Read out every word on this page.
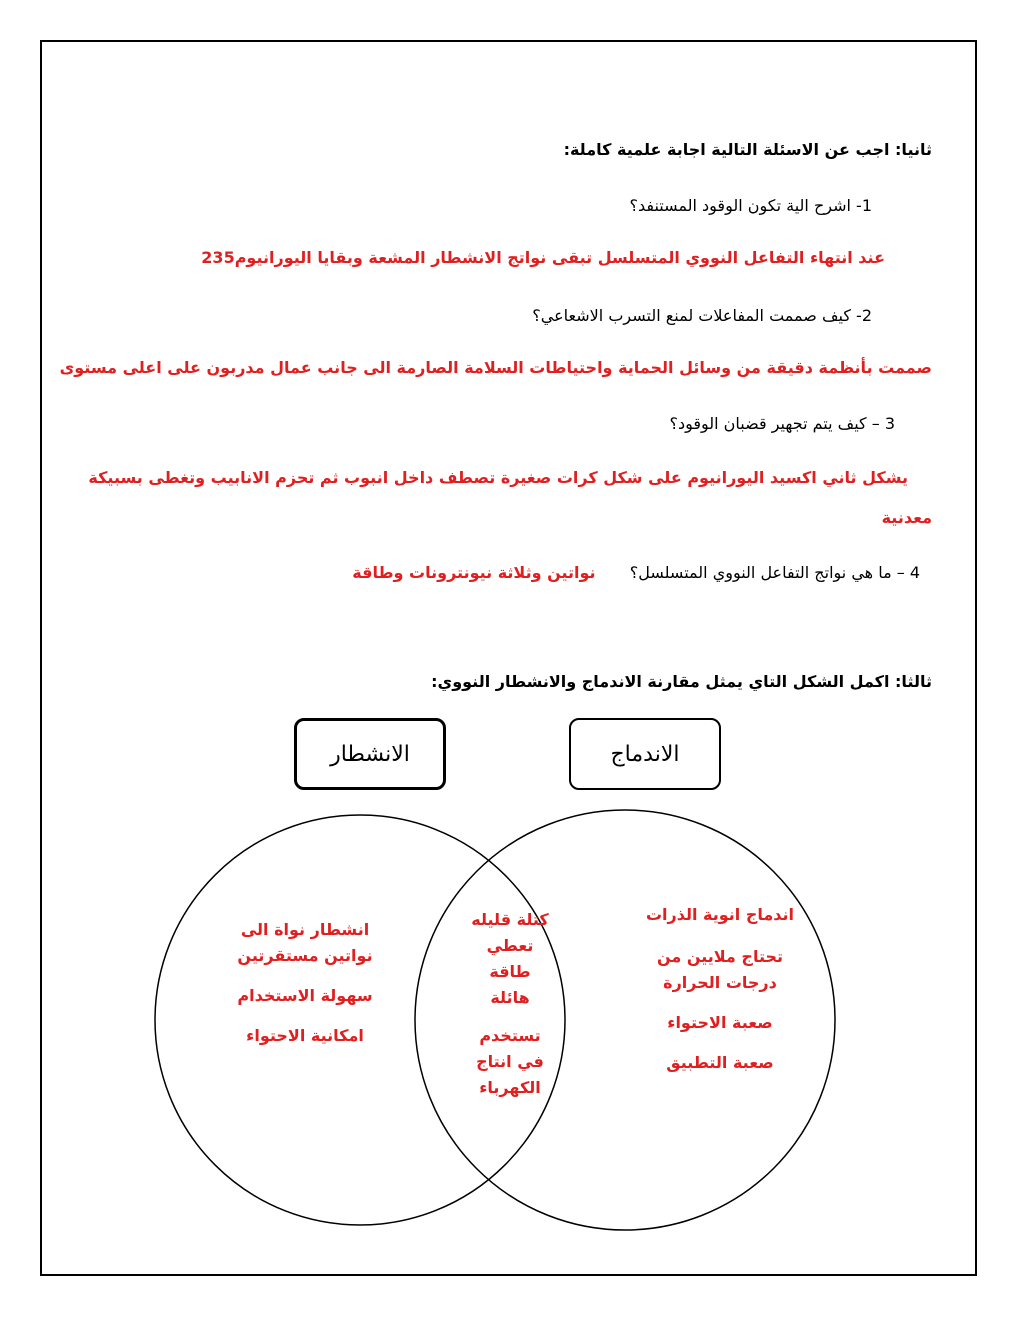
ثانيا: اجب عن الاسئلة التالية اجابة علمية كاملة:
1- اشرح الية تكون الوقود المستنفد؟
عند انتهاء التفاعل النووي المتسلسل تبقى نواتج الانشطار المشعة وبقايا اليورانيوم235
2- كيف صممت المفاعلات لمنع التسرب الاشعاعي؟
صممت بأنظمة دقيقة من وسائل الحماية واحتياطات السلامة الصارمة الى جانب عمال مدربون على اعلى مستوى
3 – كيف يتم تجهير قضبان الوقود؟
يشكل ثاني اكسيد اليورانيوم على شكل كرات صغيرة تصطف داخل انبوب ثم تحزم الانابيب وتغطى بسبيكة
معدنية
4 – ما هي نواتج التفاعل النووي المتسلسل؟  نواتين وثلاثة نيونترونات وطاقة
ثالثا: اكمل الشكل التاي يمثل مقارنة الاندماج والانشطار النووي:
الانشطار	الاندماج
انشطار نواة الى
نواتين مستقرتين
سهولة الاستخدام
امكانية الاحتواء
كتلة قليله
تعطي
طاقة
هائلة
تستخدم
في انتاج
الكهرباء
اندماج انوية الذرات
تحتاج ملايين من
درجات الحرارة
صعبة الاحتواء
صعبة التطبيق
